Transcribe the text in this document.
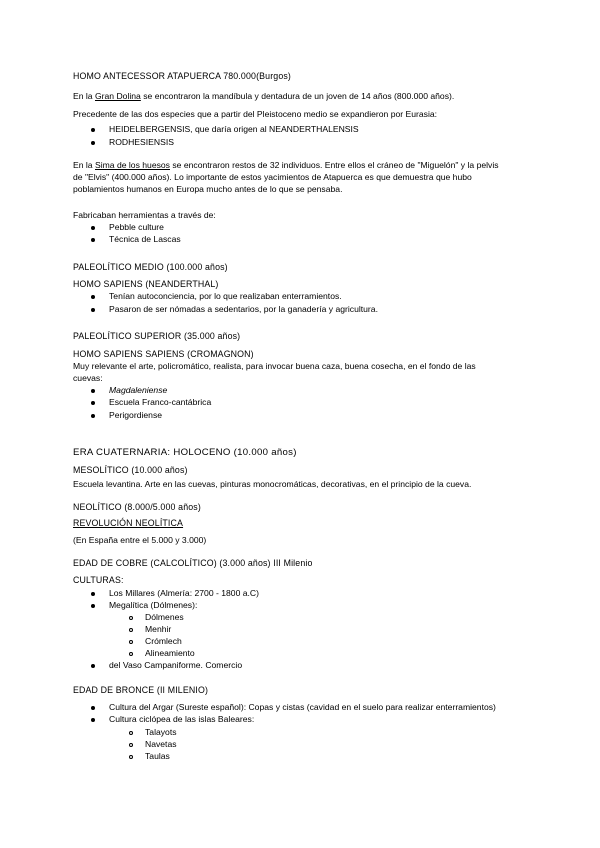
HOMO ANTECESSOR ATAPUERCA 780.000(Burgos)
En la Gran Dolina se encontraron la mandíbula y dentadura de un joven de 14 años (800.000 años).
Precedente de las dos especies que a partir del Pleistoceno medio se expandieron por Eurasia:
HEIDELBERGENSIS, que daría origen al NEANDERTHALENSIS
RODHESIENSIS
En la Sima de los huesos se encontraron restos de 32 individuos. Entre ellos el cráneo de "Miguelón" y la pelvis
de "Elvis" (400.000 años). Lo importante de estos yacimientos de Atapuerca es que demuestra que hubo
poblamientos humanos en Europa mucho antes de lo que se pensaba.
Fabricaban herramientas a través de:
Pebble culture
Técnica de Lascas
PALEOLÍTICO MEDIO (100.000 años)
HOMO SAPIENS (NEANDERTHAL)
Tenían autoconciencia, por lo que realizaban enterramientos.
Pasaron de ser nómadas a sedentarios, por la ganadería y agricultura.
PALEOLÍTICO SUPERIOR (35.000 años)
HOMO SAPIENS SAPIENS (CROMAGNON)
Muy relevante el arte, policromático, realista, para invocar buena caza, buena cosecha, en el fondo de las
cuevas:
Magdaleniense
Escuela Franco-cantábrica
Perigordiense
ERA CUATERNARIA: HOLOCENO (10.000 años)
MESOLÍTICO (10.000 años)
Escuela levantina. Arte en las cuevas, pinturas monocromáticas, decorativas, en el principio de la cueva.
NEOLÍTICO (8.000/5.000 años)
REVOLUCIÓN NEOLÍTICA
(En España entre el 5.000 y 3.000)
EDAD DE COBRE (CALCOLÍTICO) (3.000 años) III Milenio
CULTURAS:
Los Millares (Almería: 2700 - 1800 a.C)
Megalítica (Dólmenes):
Dólmenes
Menhir
Crómlech
Alineamiento
del Vaso Campaniforme. Comercio
EDAD DE BRONCE (II MILENIO)
Cultura del Argar (Sureste español): Copas y cistas (cavidad en el suelo para realizar enterramientos)
Cultura ciclópea de las islas Baleares:
Talayots
Navetas
Taulas
